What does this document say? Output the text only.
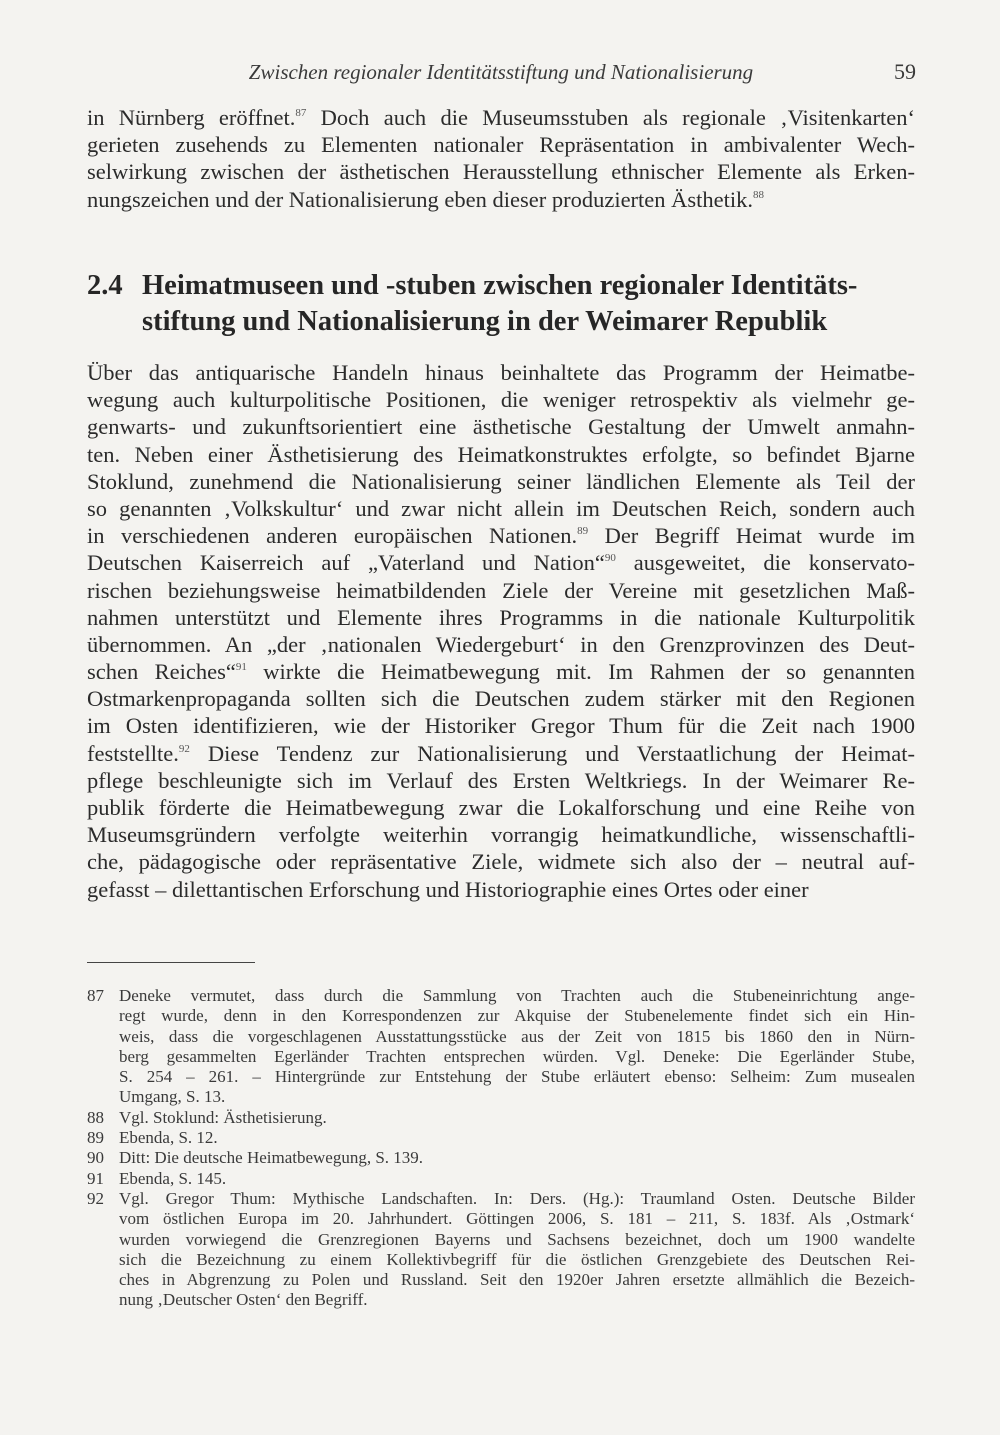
Zwischen regionaler Identitätsstiftung und Nationalisierung	59
in Nürnberg eröffnet.$^{87}$ Doch auch die Museumsstuben als regionale ‚Visitenkarten‘
gerieten zusehends zu Elementen nationaler Repräsentation in ambivalenter Wech-
selwirkung zwischen der ästhetischen Herausstellung ethnischer Elemente als Erken-
nungszeichen und der Nationalisierung eben dieser produzierten Ästhetik.$^{88}$
2.4 Heimatmuseen und -stuben zwischen regionaler Identitäts-
stiftung und Nationalisierung in der Weimarer Republik
Über das antiquarische Handeln hinaus beinhaltete das Programm der Heimatbe-
wegung auch kulturpolitische Positionen, die weniger retrospektiv als vielmehr ge-
genwarts- und zukunftsorientiert eine ästhetische Gestaltung der Umwelt anmahn-
ten. Neben einer Ästhetisierung des Heimatkonstruktes erfolgte, so befindet Bjarne
Stoklund, zunehmend die Nationalisierung seiner ländlichen Elemente als Teil der
so genannten ‚Volkskultur‘ und zwar nicht allein im Deutschen Reich, sondern auch
in verschiedenen anderen europäischen Nationen.$^{89}$ Der Begriff Heimat wurde im
Deutschen Kaiserreich auf „Vaterland und Nation“$^{90}$ ausgeweitet, die konservato-
rischen beziehungsweise heimatbildenden Ziele der Vereine mit gesetzlichen Maß-
nahmen unterstützt und Elemente ihres Programms in die nationale Kulturpolitik
übernommen. An „der ‚nationalen Wiedergeburt‘ in den Grenzprovinzen des Deut-
schen Reiches“$^{91}$ wirkte die Heimatbewegung mit. Im Rahmen der so genannten
Ostmarkenpropaganda sollten sich die Deutschen zudem stärker mit den Regionen
im Osten identifizieren, wie der Historiker Gregor Thum für die Zeit nach 1900
feststellte.$^{92}$ Diese Tendenz zur Nationalisierung und Verstaatlichung der Heimat-
pflege beschleunigte sich im Verlauf des Ersten Weltkriegs. In der Weimarer Re-
publik förderte die Heimatbewegung zwar die Lokalforschung und eine Reihe von
Museumsgründern verfolgte weiterhin vorrangig heimatkundliche, wissenschaftli-
che, pädagogische oder repräsentative Ziele, widmete sich also der – neutral auf-
gefasst – dilettantischen Erforschung und Historiographie eines Ortes oder einer
87 Deneke vermutet, dass durch die Sammlung von Trachten auch die Stubeneinrichtung ange-
regt wurde, denn in den Korrespondenzen zur Akquise der Stubenelemente findet sich ein Hin-
weis, dass die vorgeschlagenen Ausstattungsstücke aus der Zeit von 1815 bis 1860 den in Nürn-
berg gesammelten Egerländer Trachten entsprechen würden. Vgl. Deneke: Die Egerländer Stube,
S. 254 – 261. – Hintergründe zur Entstehung der Stube erläutert ebenso: Selheim: Zum musealen
Umgang, S. 13.
88 Vgl. Stoklund: Ästhetisierung.
89 Ebenda, S. 12.
90 Ditt: Die deutsche Heimatbewegung, S. 139.
91 Ebenda, S. 145.
92 Vgl. Gregor Thum: Mythische Landschaften. In: Ders. (Hg.): Traumland Osten. Deutsche Bilder
vom östlichen Europa im 20. Jahrhundert. Göttingen 2006, S. 181 – 211, S. 183f. Als ‚Ostmark‘
wurden vorwiegend die Grenzregionen Bayerns und Sachsens bezeichnet, doch um 1900 wandelte
sich die Bezeichnung zu einem Kollektivbegriff für die östlichen Grenzgebiete des Deutschen Rei-
ches in Abgrenzung zu Polen und Russland. Seit den 1920er Jahren ersetzte allmählich die Bezeich-
nung ‚Deutscher Osten‘ den Begriff.
